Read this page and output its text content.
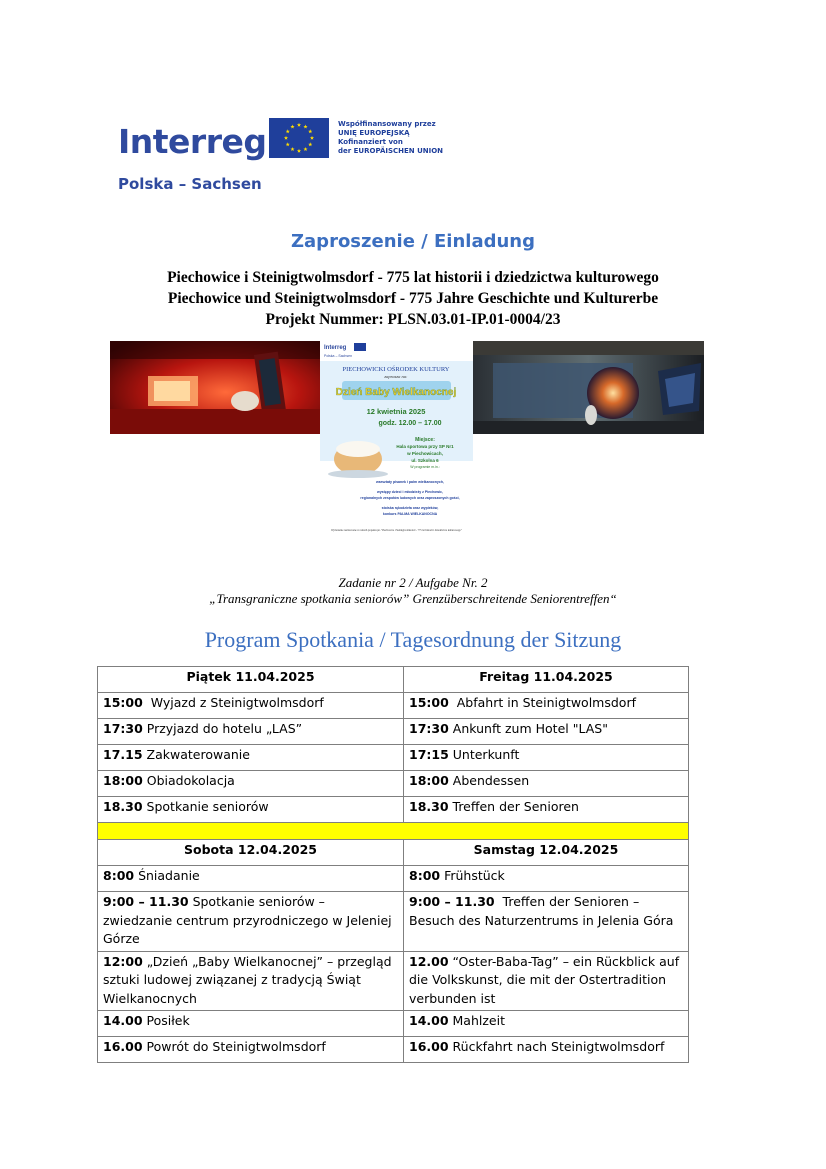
Interreg
Polska – Sachsen
Współfinansowany przez
UNIĘ EUROPEJSKĄ
Kofinanziert von
der EUROPÄISCHEN UNION
Zaproszenie / Einladung
Piechowice i Steinigtwolmsdorf - 775 lat historii i dziedzictwa kulturowego
Piechowice und Steinigtwolmsdorf - 775 Jahre Geschichte und Kulturerbe
Projekt Nummer: PLSN.03.01-IP.01-0004/23
Interreg
Polska – Sachsen
PIECHOWICKI OŚRODEK KULTURY
zaprasza na:
Dzień Baby Wielkanocnej
12 kwietnia 2025
godz. 12.00 – 17.00
Miejsce:
Hala sportowa przy SP Nr1
w Piechowicach,
ul. Szkolna 6
W programie m.in.:
warsztaty pisanek i palm wielkanocnych,
występy dzieci i młodzieży z Piechowic,
regionalnych zespołów ludowych oraz zaproszonych gości,
stoiska rękodzieła oraz wypieków,
konkurs PALMA WIELKANOCNA
Wydarzenie realizowane w ramach projektu pn. "Piechowice i Steinigtwolmsdorf - 775 lat historii i dziedzictwa kulturowego"
Zadanie nr 2 / Aufgabe Nr. 2
„Transgraniczne spotkania seniorów” Grenzüberschreitende Seniorentreffen“
Program Spotkania / Tagesordnung der Sitzung
Piątek 11.04.2025	Freitag 11.04.2025
15:00  Wyjazd z Steinigtwolmsdorf	15:00  Abfahrt in Steinigtwolmsdorf
17:30 Przyjazd do hotelu „LAS”	17:30 Ankunft zum Hotel "LAS"
17.15 Zakwaterowanie	17:15 Unterkunft
18:00 Obiadokolacja	18:00 Abendessen
18.30 Spotkanie seniorów	18.30 Treffen der Senioren

Sobota 12.04.2025	Samstag 12.04.2025
8:00 Śniadanie	8:00 Frühstück
9:00 – 11.30 Spotkanie seniorów – zwiedzanie centrum przyrodniczego w Jeleniej Górze	9:00 – 11.30  Treffen der Senioren – Besuch des Naturzentrums in Jelenia Góra
12:00 „Dzień „Baby Wielkanocnej” – przegląd sztuki ludowej związanej z tradycją Świąt Wielkanocnych	12.00 “Oster-Baba-Tag” – ein Rückblick auf die Volkskunst, die mit der Ostertradition verbunden ist
14.00 Posiłek	14.00 Mahlzeit
16.00 Powrót do Steinigtwolmsdorf	16.00 Rückfahrt nach Steinigtwolmsdorf
